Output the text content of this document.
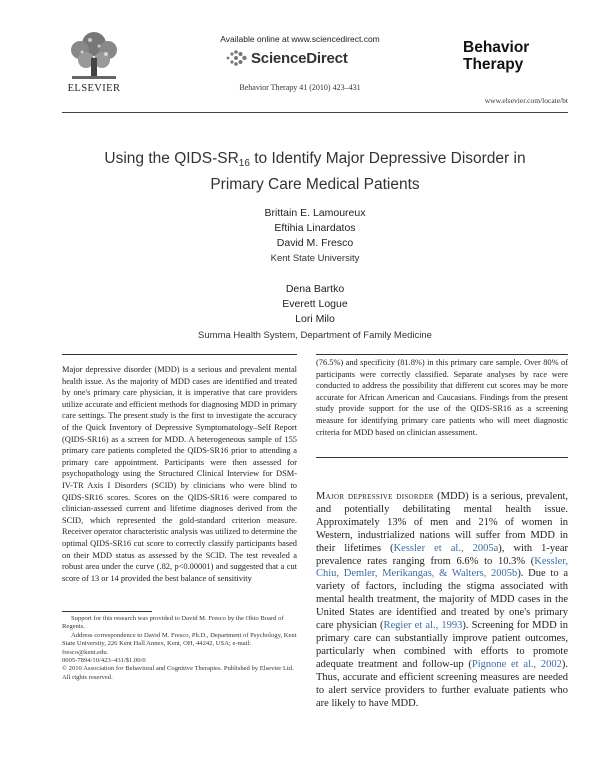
ELSEVIER
Available online at www.sciencedirect.com
ScienceDirect
Behavior Therapy 41 (2010) 423–431
Behavior
Therapy
www.elsevier.com/locate/bt
Using the QIDS-$SR_{16}$ to Identify Major Depressive Disorder in
Primary Care Medical Patients
Brittain E. Lamoureux
Eftihia Linardatos
David M. Fresco
Kent State University
Dena Bartko
Everett Logue
Lori Milo
Summa Health System, Department of Family Medicine
Major depressive disorder (MDD) is a serious and prevalent mental health issue. As the majority of MDD cases are identified and treated by one's primary care physician, it is imperative that care providers utilize accurate and efficient methods for diagnosing MDD in primary care settings. The present study is the first to investigate the accuracy of the Quick Inventory of Depressive Symptomatology–Self Report (QIDS-SR16) as a screen for MDD. A heterogeneous sample of 155 primary care patients completed the QIDS-SR16 prior to attending a primary care appointment. Participants were then assessed for psychopathology using the Structured Clinical Interview for DSM-IV-TR Axis I Disorders (SCID) by clinicians who were blind to QIDS-SR16 scores. Scores on the QIDS-SR16 were compared to clinician-assessed current and lifetime diagnoses derived from the SCID, which represented the gold-standard criterion measure. Receiver operator characteristic analysis was utilized to determine the optimal QIDS-SR16 cut score to correctly classify participants based on their MDD status as assessed by the SCID. The test revealed a robust area under the curve (.82, p<0.00001) and suggested that a cut score of 13 or 14 provided the best balance of sensitivity
(76.5%) and specificity (81.8%) in this primary care sample. Over 80% of participants were correctly classified. Separate analyses by race were conducted to address the possibility that different cut scores may be more accurate for African American and Caucasians. Findings from the present study provide support for the use of the QIDS-SR16 as a screening measure for identifying primary care patients who will meet diagnostic criteria for MDD based on clinician assessment.
Major depressive disorder (MDD) is a serious, prevalent, and potentially debilitating mental health issue. Approximately 13% of men and 21% of women in Western, industrialized nations will suffer from MDD in their lifetimes (Kessler et al., 2005a), with 1-year prevalence rates ranging from 6.6% to 10.3% (Kessler, Chiu, Demler, Merikangas, & Walters, 2005b). Due to a variety of factors, including the stigma associated with mental health treatment, the majority of MDD cases in the United States are identified and treated by one's primary care physician (Regier et al., 1993). Screening for MDD in primary care can substantially improve patient outcomes, particularly when combined with efforts to promote adequate treatment and follow-up (Pignone et al., 2002). Thus, accurate and efficient screening measures are needed to alert service providers to further evaluate patients who are likely to have MDD.

Support for this research was provided to David M. Fresco by the Ohio Board of Regents.

Address correspondence to David M. Fresco, Ph.D., Department of Psychology, Kent State University, 226 Kent Hall Annex, Kent, OH, 44242, USA; e-mail: fresco@kent.edu.

0005-7894/10/423–431/$1.00/0

© 2010 Association for Behavioral and Cognitive Therapies. Published by Elsevier Ltd. All rights reserved.
